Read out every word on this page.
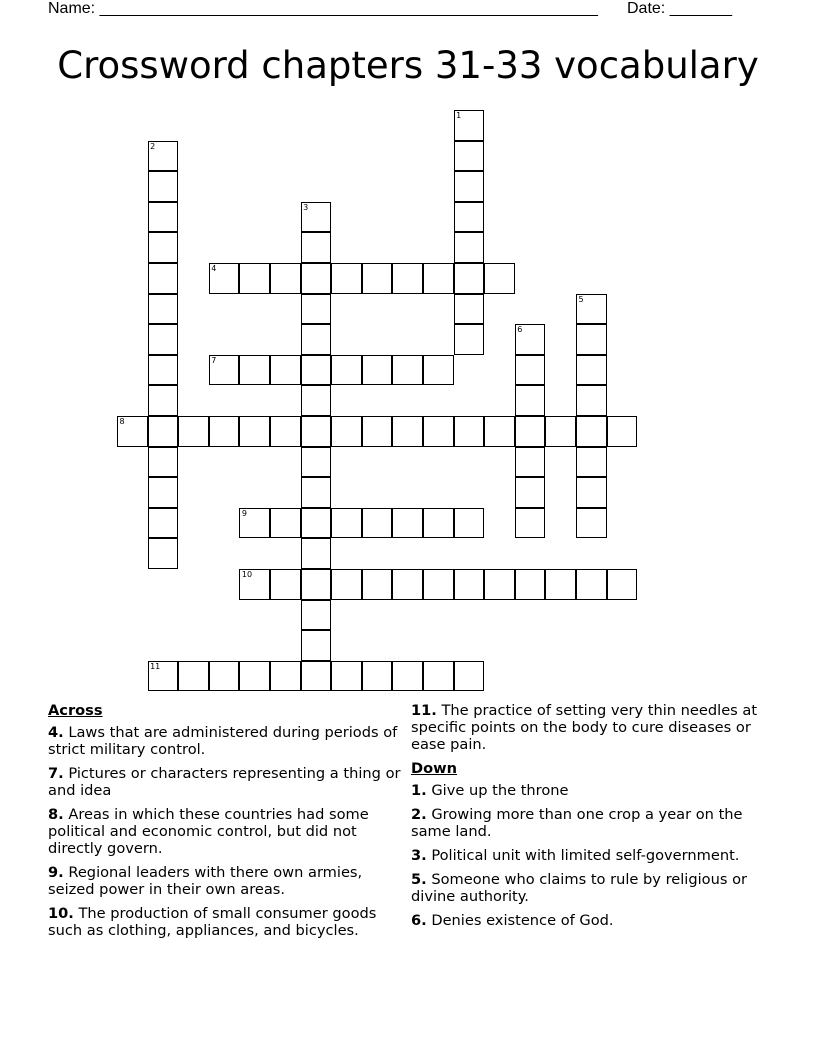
Name: ________________________________________________________ Date: _______
Crossword chapters 31-33 vocabulary
1
2
3
4
5
6
7
8
9
10
11
Across
4. Laws that are administered during periods of strict military control.
7. Pictures or characters representing a thing or and idea
8. Areas in which these countries had some political and economic control, but did not directly govern.
9. Regional leaders with there own armies, seized power in their own areas.
10. The production of small consumer goods such as clothing, appliances, and bicycles.
11. The practice of setting very thin needles at specific points on the body to cure diseases or ease pain.
Down
1. Give up the throne
2. Growing more than one crop a year on the same land.
3. Political unit with limited self-government.
5. Someone who claims to rule by religious or divine authority.
6. Denies existence of God.
